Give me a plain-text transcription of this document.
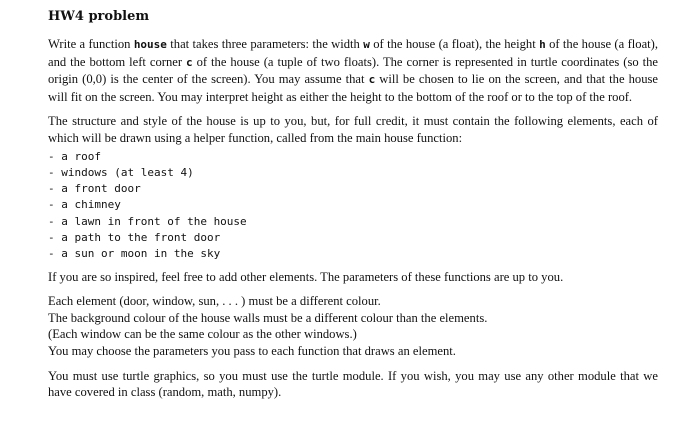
HW4 problem

Write a function house that takes three parameters: the width w of the house (a float), the height h of the house (a float), and the bottom left corner c of the house (a tuple of two floats). The corner is represented in turtle coordinates (so the origin (0,0) is the center of the screen). You may assume that c will be chosen to lie on the screen, and that the house will fit on the screen. You may interpret height as either the height to the bottom of the roof or to the top of the roof.

The structure and style of the house is up to you, but, for full credit, it must contain the following elements, each of which will be drawn using a helper function, called from the main house function:

- a roof
- windows (at least 4)
- a front door
- a chimney
- a lawn in front of the house
- a path to the front door
- a sun or moon in the sky

If you are so inspired, feel free to add other elements. The parameters of these functions are up to you.

Each element (door, window, sun, . . . ) must be a different colour.
The background colour of the house walls must be a different colour than the elements.
(Each window can be the same colour as the other windows.)
You may choose the parameters you pass to each function that draws an element.

You must use turtle graphics, so you must use the turtle module. If you wish, you may use any other module that we have covered in class (random, math, numpy).
